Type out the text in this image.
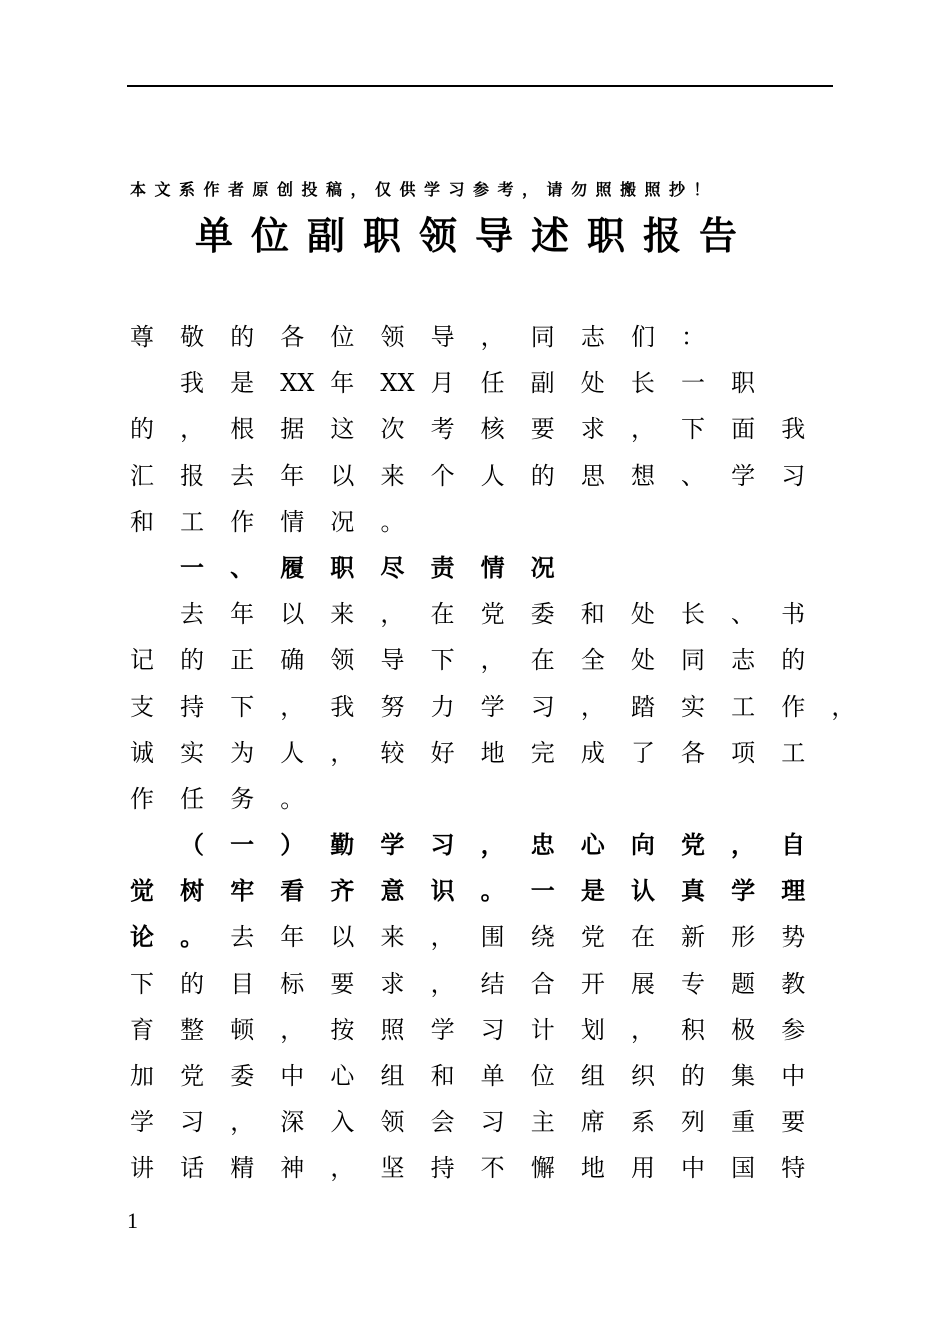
本文系作者原创投稿，仅供学习参考，请勿照搬照抄！
单位副职领导述职报告
尊 敬 的 各 位 领 导 ， 同 志 们 ：
我 是 XX 年 XX 月 任 副 处 长 一 职
的 ， 根 据 这 次 考 核 要 求 ， 下 面 我
汇 报 去 年 以 来 个 人 的 思 想 、 学 习
和 工 作 情 况 。
一 、 履 职 尽 责 情 况
去 年 以 来 ， 在 党 委 和 处 长 、 书
记 的 正 确 领 导 下 ， 在 全 处 同 志 的
支 持 下 ， 我 努 力 学 习 ， 踏 实 工 作 ，
诚 实 为 人 ， 较 好 地 完 成 了 各 项 工
作 任 务 。
（ 一 ） 勤 学 习 ， 忠 心 向 党 ， 自
觉 树 牢 看 齐 意 识 。 一 是 认 真 学 理
论 。	去 年 以 来 ， 围 绕 党 在 新 形 势
下 的 目 标 要 求 ， 结 合 开 展 专 题 教
育 整 顿 ， 按 照 学 习 计 划 ， 积 极 参
加 党 委 中 心 组 和 单 位 组 织 的 集 中
学 习 ， 深 入 领 会 习 主 席 系 列 重 要
讲 话 精 神 ， 坚 持 不 懈 地 用 中 国 特
1
